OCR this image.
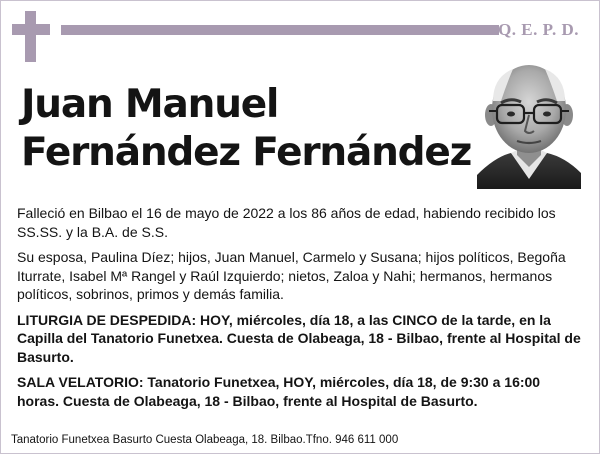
Q. E. P. D.
Juan Manuel
Fernández Fernández

Falleció en Bilbao el 16 de mayo de 2022 a los 86 años de edad, habiendo recibido los SS.SS. y la B.A. de S.S.

Su esposa, Paulina Díez; hijos, Juan Manuel, Carmelo y Susana; hijos políticos, Begoña Iturrate, Isabel Mª Rangel y Raúl Izquierdo; nietos, Zaloa y Nahi; hermanos, hermanos políticos, sobrinos, primos y demás familia.

LITURGIA DE DESPEDIDA: HOY, miércoles, día 18, a las CINCO de la tarde, en la Capilla del Tanatorio Funetxea. Cuesta de Olabeaga, 18 - Bilbao, frente al Hospital de Basurto.

SALA VELATORIO: Tanatorio Funetxea, HOY, miércoles, día 18, de 9:30 a 16:00 horas. Cuesta de Olabeaga, 18 - Bilbao, frente al Hospital de Basurto.

Tanatorio Funetxea Basurto Cuesta Olabeaga, 18. Bilbao.Tfno. 946 611 000
